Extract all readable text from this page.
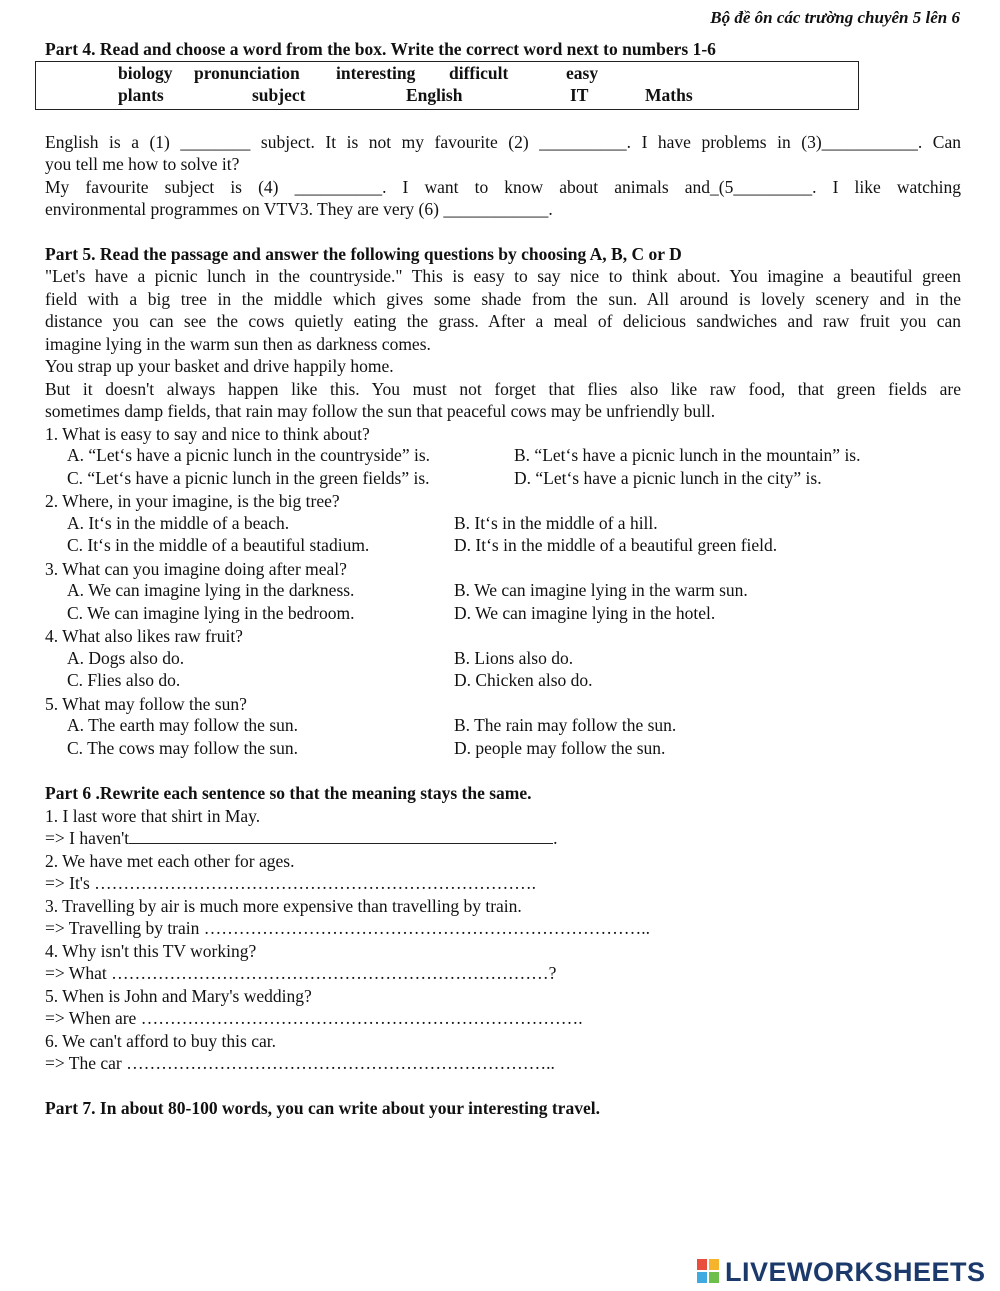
Bộ đề ôn các trường chuyên 5 lên 6
Part 4. Read and choose a word from the box. Write the correct word next to numbers 1-6
biology pronunciation interesting difficult	easy
plants	subject	English	IT	Maths
English is a (1) ________ subject. It is not my favourite (2) __________. I have problems in (3)___________. Can
you tell me how to solve it?
My favourite subject is (4) __________. I want to know about animals and_(5_________. I like watching
environmental programmes on VTV3. They are very (6) ____________.
Part 5. Read the passage and answer the following questions by choosing A, B, C or D
"Let's have a picnic lunch in the countryside." This is easy to say nice to think about. You imagine a beautiful green
field with a big tree in the middle which gives some shade from the sun. All around is lovely scenery and in the
distance you can see the cows quietly eating the grass. After a meal of delicious sandwiches and raw fruit you can
imagine lying in the warm sun then as darkness comes.
You strap up your basket and drive happily home.
But it doesn't always happen like this. You must not forget that flies also like raw food, that green fields are
sometimes damp fields, that rain may follow the sun that peaceful cows may be unfriendly bull.
1. What is easy to say and nice to think about?
A. “Let‘s have a picnic lunch in the countryside” is.	B. “Let‘s have a picnic lunch in the mountain” is.
C. “Let‘s have a picnic lunch in the green fields” is.	D. “Let‘s have a picnic lunch in the city” is.
2. Where, in your imagine, is the big tree?
A. It‘s in the middle of a beach.	B. It‘s in the middle of a hill.
C. It‘s in the middle of a beautiful stadium.	D. It‘s in the middle of a beautiful green field.
3. What can you imagine doing after meal?
A. We can imagine lying in the darkness.	B. We can imagine lying in the warm sun.
C. We can imagine lying in the bedroom.	D. We can imagine lying in the hotel.
4. What also likes raw fruit?
A. Dogs also do.	B. Lions also do.
C. Flies also do.	D. Chicken also do.
5. What may follow the sun?
A. The earth may follow the sun.	B. The rain may follow the sun.
C. The cows may follow the sun.	D. people may follow the sun.
Part 6 .Rewrite each sentence so that the meaning stays the same.
1. I last wore that shirt in May.
=> I haven't	.
2. We have met each other for ages.
=> It's ………………………………………………………………….
3. Travelling by air is much more expensive than travelling by train.
=> Travelling by train …………………………………………………………………..
4. Why isn't this TV working?
=> What …………………………………………………………………?
5. When is John and Mary's wedding?
=> When are ………………………………………………………………….
6. We can't afford to buy this car.
=> The car ………………………………………………………………..
Part 7. In about 80-100 words, you can write about your interesting travel.
LIVEWORKSHEETS
